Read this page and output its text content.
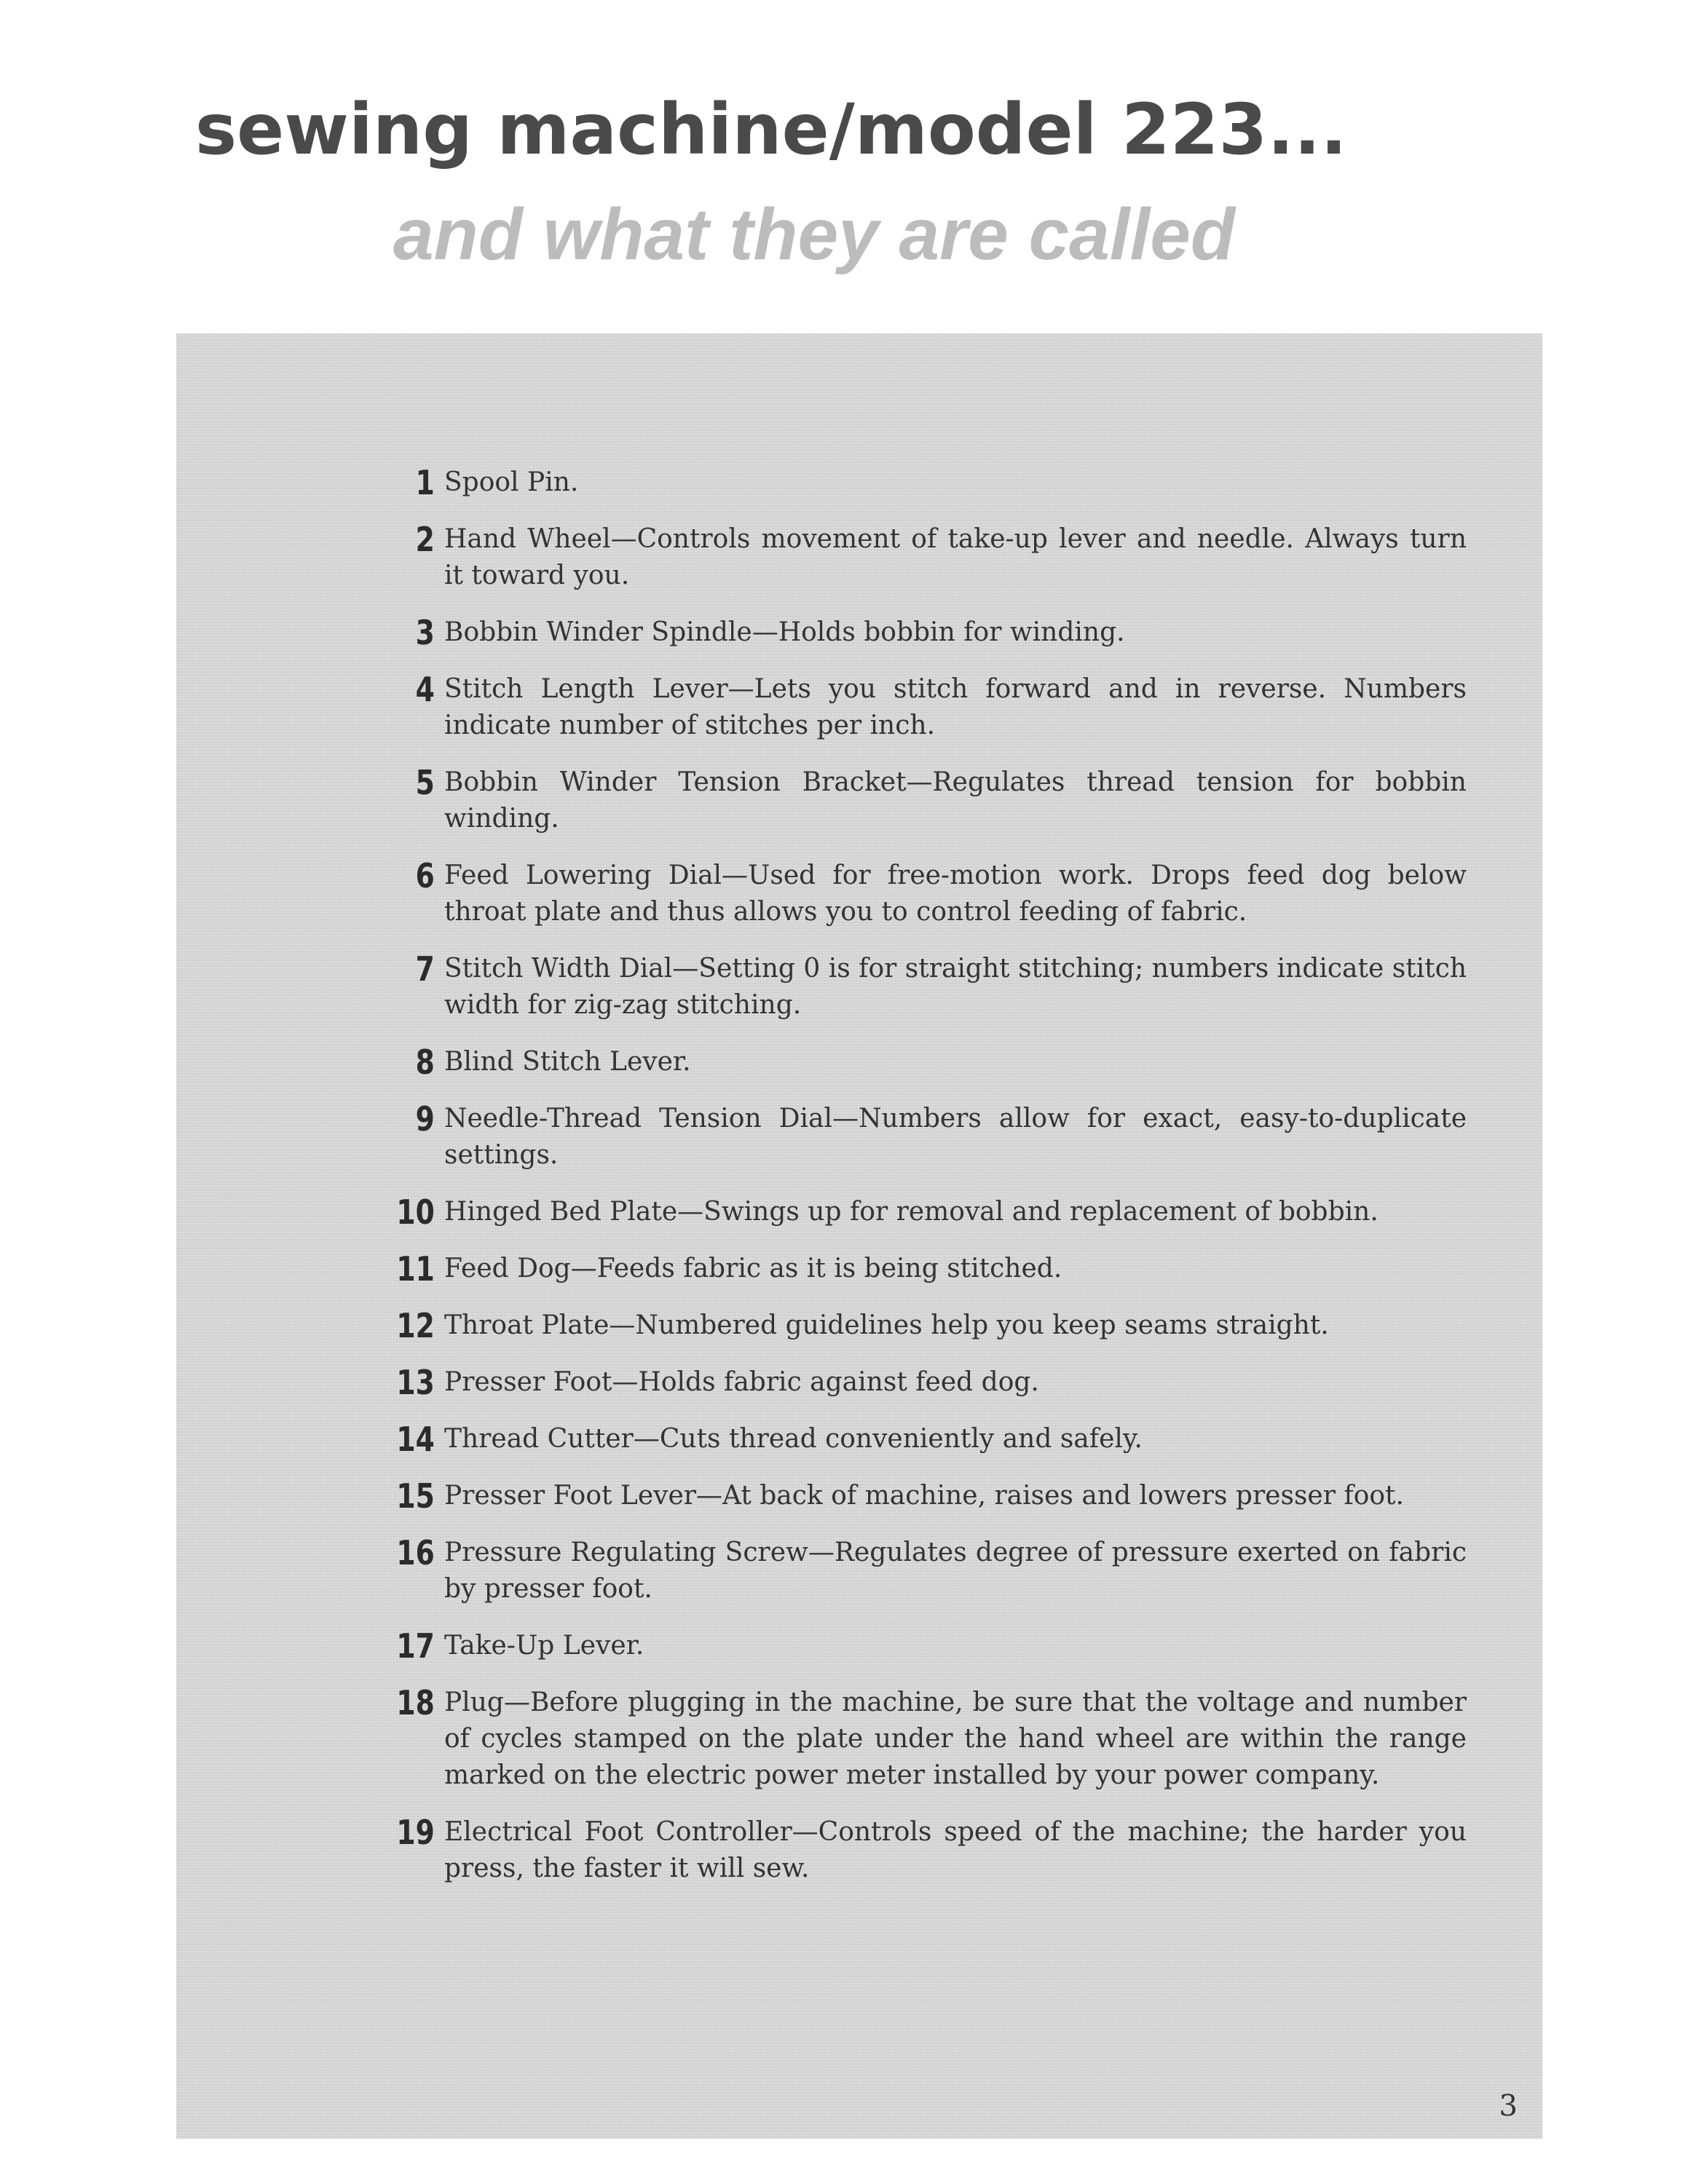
sewing machine/model 223...
and what they are called
1 Spool Pin.
2 Hand Wheel—Controls movement of take-up lever and needle. Always turn it toward you.
3 Bobbin Winder Spindle—Holds bobbin for winding.
4 Stitch Length Lever—Lets you stitch forward and in reverse. Numbers indicate number of stitches per inch.
5 Bobbin Winder Tension Bracket—Regulates thread tension for bobbin winding.
6 Feed Lowering Dial—Used for free-motion work. Drops feed dog below throat plate and thus allows you to control feeding of fabric.
7 Stitch Width Dial—Setting 0 is for straight stitching; numbers indicate stitch width for zig-zag stitching.
8 Blind Stitch Lever.
9 Needle-Thread Tension Dial—Numbers allow for exact, easy-to-duplicate settings.
10 Hinged Bed Plate—Swings up for removal and replacement of bobbin.
11 Feed Dog—Feeds fabric as it is being stitched.
12 Throat Plate—Numbered guidelines help you keep seams straight.
13 Presser Foot—Holds fabric against feed dog.
14 Thread Cutter—Cuts thread conveniently and safely.
15 Presser Foot Lever—At back of machine, raises and lowers presser foot.
16 Pressure Regulating Screw—Regulates degree of pressure exerted on fabric by presser foot.
17 Take-Up Lever.
18 Plug—Before plugging in the machine, be sure that the voltage and number of cycles stamped on the plate under the hand wheel are within the range marked on the electric power meter installed by your power company.
19 Electrical Foot Controller—Controls speed of the machine; the harder you press, the faster it will sew.
3
